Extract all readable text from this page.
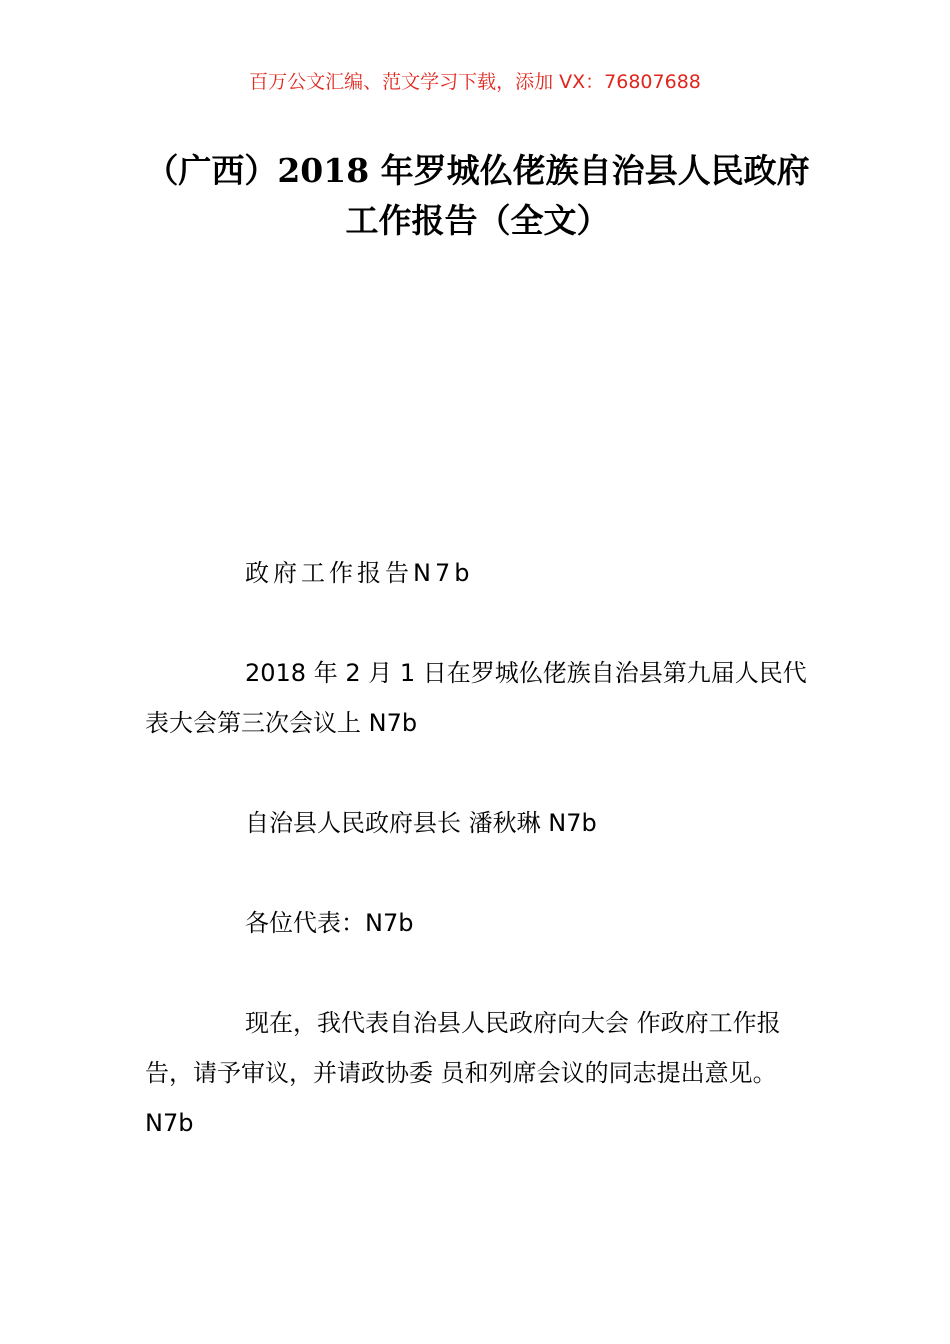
百万公文汇编、范文学习下载，添加 VX：76807688
（广西）2018 年罗城仫佬族自治县人民政府工作报告（全文）
政府工作报告N7b
2018 年 2 月 1 日在罗城仫佬族自治县第九届人民代表大会第三次会议上 N7b
自治县人民政府县长 潘秋琳 N7b
各位代表：N7b
现在，我代表自治县人民政府向大会 作政府工作报告，请予审议，并请政协委 员和列席会议的同志提出意见。N7b
